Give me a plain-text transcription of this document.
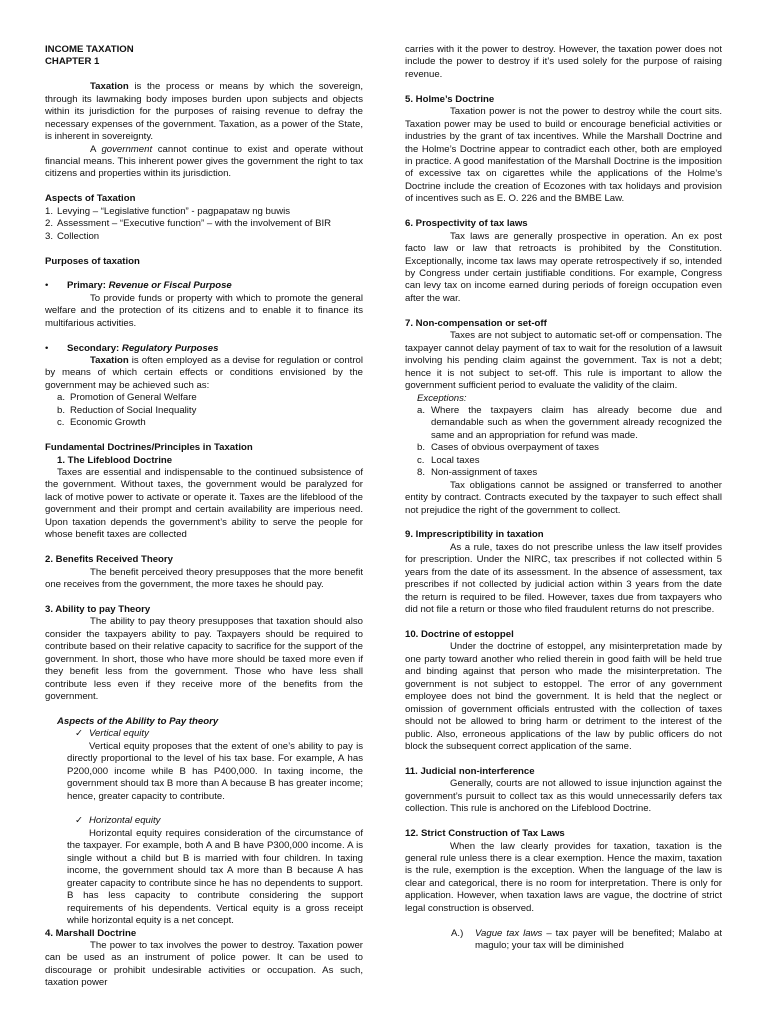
INCOME TAXATION

CHAPTER 1

Taxation is the process or means by which the sovereign, through its lawmaking body imposes burden upon subjects and objects within its jurisdiction for the purposes of raising revenue to defray the necessary expenses of the government. Taxation, as a power of the State, is inherent in sovereignty.

A government cannot continue to exist and operate without financial means. This inherent power gives the government the right to tax citizens and properties within its jurisdiction.

Aspects of Taxation

1. Levying – “Legislative function” - pagpapataw ng buwis
2. Assessment – “Executive function” – with the involvement of BIR
3. Collection

Purposes of taxation

•	Primary: Revenue or Fiscal Purpose

To provide funds or property with which to promote the general welfare and the protection of its citizens and to enable it to finance its multifarious activities.

•	Secondary: Regulatory Purposes

Taxation is often employed as a devise for regulation or control by means of which certain effects or conditions envisioned by the government may be achieved such as:

a. Promotion of General Welfare
b. Reduction of Social Inequality
c. Economic Growth

Fundamental Doctrines/Principles in Taxation

1. The Lifeblood Doctrine

Taxes are essential and indispensable to the continued subsistence of the government. Without taxes, the government would be paralyzed for lack of motive power to activate or operate it. Taxes are the lifeblood of the government and their prompt and certain availability are imperious need. Upon taxation depends the government’s ability to serve the people for whose benefit taxes are collected

2. Benefits Received Theory

The benefit perceived theory presupposes that the more benefit one receives from the government, the more taxes he should pay.

3. Ability to pay Theory

The ability to pay theory presupposes that taxation should also consider the taxpayers ability to pay. Taxpayers should be required to contribute based on their relative capacity to sacrifice for the support of the government. In short, those who have more should be taxed more even if they benefit less from the government. Those who have less shall contribute less even if they receive more of the benefits from the government.

Aspects of the Ability to Pay theory

✓ Vertical equity

Vertical equity proposes that the extent of one’s ability to pay is directly proportional to the level of his tax base. For example, A has P200,000 income while B has P400,000. In taxing income, the government should tax B more than A because B has greater income; hence, greater capacity to contribute.

✓ Horizontal equity

Horizontal equity requires consideration of the circumstance of the taxpayer. For example, both A and B have P300,000 income. A is single without a child but B is married with four children. In taxing income, the government should tax A more than B because A has greater capacity to contribute since he has no dependents to support. B has less capacity to contribute considering the support requirements of his dependents. Vertical equity is a gross receipt while horizontal equity is a net concept.

4. Marshall Doctrine

The power to tax involves the power to destroy. Taxation power can be used as an instrument of police power. It can be used to discourage or prohibit undesirable activities or occupation. As such, taxation power

carries with it the power to destroy. However, the taxation power does not include the power to destroy if it’s used solely for the purpose of raising revenue.

5. Holme’s Doctrine

Taxation power is not the power to destroy while the court sits. Taxation power may be used to build or encourage beneficial activities or industries by the grant of tax incentives. While the Marshall Doctrine and the Holme’s Doctrine appear to contradict each other, both are employed in practice. A good manifestation of the Marshall Doctrine is the imposition of excessive tax on cigarettes while the applications of the Holme’s Doctrine include the creation of Ecozones with tax holidays and provision of incentives such as E. O. 226 and the BMBE Law.

6. Prospectivity of tax laws

Tax laws are generally prospective in operation. An ex post facto law or law that retroacts is prohibited by the Constitution. Exceptionally, income tax laws may operate retrospectively if so, intended by Congress under certain justifiable conditions. For example, Congress can levy tax on income earned during periods of foreign occupation even after the war.

7. Non-compensation or set-off

Taxes are not subject to automatic set-off or compensation. The taxpayer cannot delay payment of tax to wait for the resolution of a lawsuit involving his pending claim against the government. Tax is not a debt; hence it is not subject to set-off. This rule is important to allow the government sufficient period to evaluate the validity of the claim.

Exceptions:

a. Where the taxpayers claim has already become due and demandable such as when the government already recognized the same and an appropriation for refund was made.
b. Cases of obvious overpayment of taxes
c. Local taxes
8. Non-assignment of taxes

Tax obligations cannot be assigned or transferred to another entity by contract. Contracts executed by the taxpayer to such effect shall not prejudice the right of the government to collect.

9. Imprescriptibility in taxation

As a rule, taxes do not prescribe unless the law itself provides for prescription. Under the NIRC, tax prescribes if not collected within 5 years from the date of its assessment. In the absence of assessment, tax prescribes if not collected by judicial action within 3 years from the date the return is required to be filed. However, taxes due from taxpayers who did not file a return or those who filed fraudulent returns do not prescribe.

10. Doctrine of estoppel

Under the doctrine of estoppel, any misinterpretation made by one party toward another who relied therein in good faith will be held true and binding against that person who made the misinterpretation. The government is not subject to estoppel. The error of any government employee does not bind the government. It is held that the neglect or omission of government officials entrusted with the collection of taxes should not be allowed to bring harm or detriment to the interest of the public. Also, erroneous applications of the law by public officers do not block the subsequent correct application of the same.

11. Judicial non-interference

Generally, courts are not allowed to issue injunction against the government’s pursuit to collect tax as this would unnecessarily defers tax collection. This rule is anchored on the Lifeblood Doctrine.

12. Strict Construction of Tax Laws

When the law clearly provides for taxation, taxation is the general rule unless there is a clear exemption. Hence the maxim, taxation is the rule, exemption is the exception. When the language of the law is clear and categorical, there is no room for interpretation. There is only for application. However, when taxation laws are vague, the doctrine of strict legal construction is observed.

A.)	Vague tax laws – tax payer will be benefited; Malabo at magulo; your tax will be diminished
